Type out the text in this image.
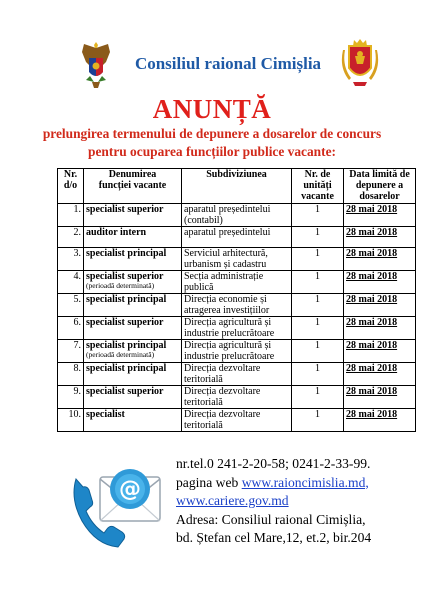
Consiliul raional Cimișlia
ANUNȚĂ
prelungirea termenului de depunere a dosarelor de concurs
pentru ocuparea funcțiilor publice vacante:
Nr.
d/o	Denumirea
funcției vacante	Subdiviziunea	Nr. de
unități
vacante	Data limită de
depunere a
dosarelor
1.	specialist superior	aparatul președintelui
(contabil)	1	28 mai 2018
2.	auditor intern	aparatul președintelui	1	28 mai 2018
3.	specialist principal	Serviciul arhitectură,
urbanism și cadastru	1	28 mai 2018
4.	specialist superior
(perioadă determinată)	Secția administrație
publică	1	28 mai 2018
5.	specialist principal	Direcția economie și
atragerea investițiilor	1	28 mai 2018
6.	specialist superior	Direcția agricultură și
industrie prelucrătoare	1	28 mai 2018
7.	specialist principal
(perioadă determinată)	Direcția agricultură și
industrie prelucrătoare	1	28 mai 2018
8.	specialist principal	Direcția dezvoltare
teritorială	1	28 mai 2018
9.	specialist superior	Direcția dezvoltare
teritorială	1	28 mai 2018
10.	specialist	Direcția dezvoltare
teritorială	1	28 mai 2018
@
nr.tel.0 241-2-20-58; 0241-2-33-99.
pagina web www.raioncimislia.md,
www.cariere.gov.md
Adresa: Consiliul raional Cimișlia,
bd. Ștefan cel Mare,12, et.2, bir.204
